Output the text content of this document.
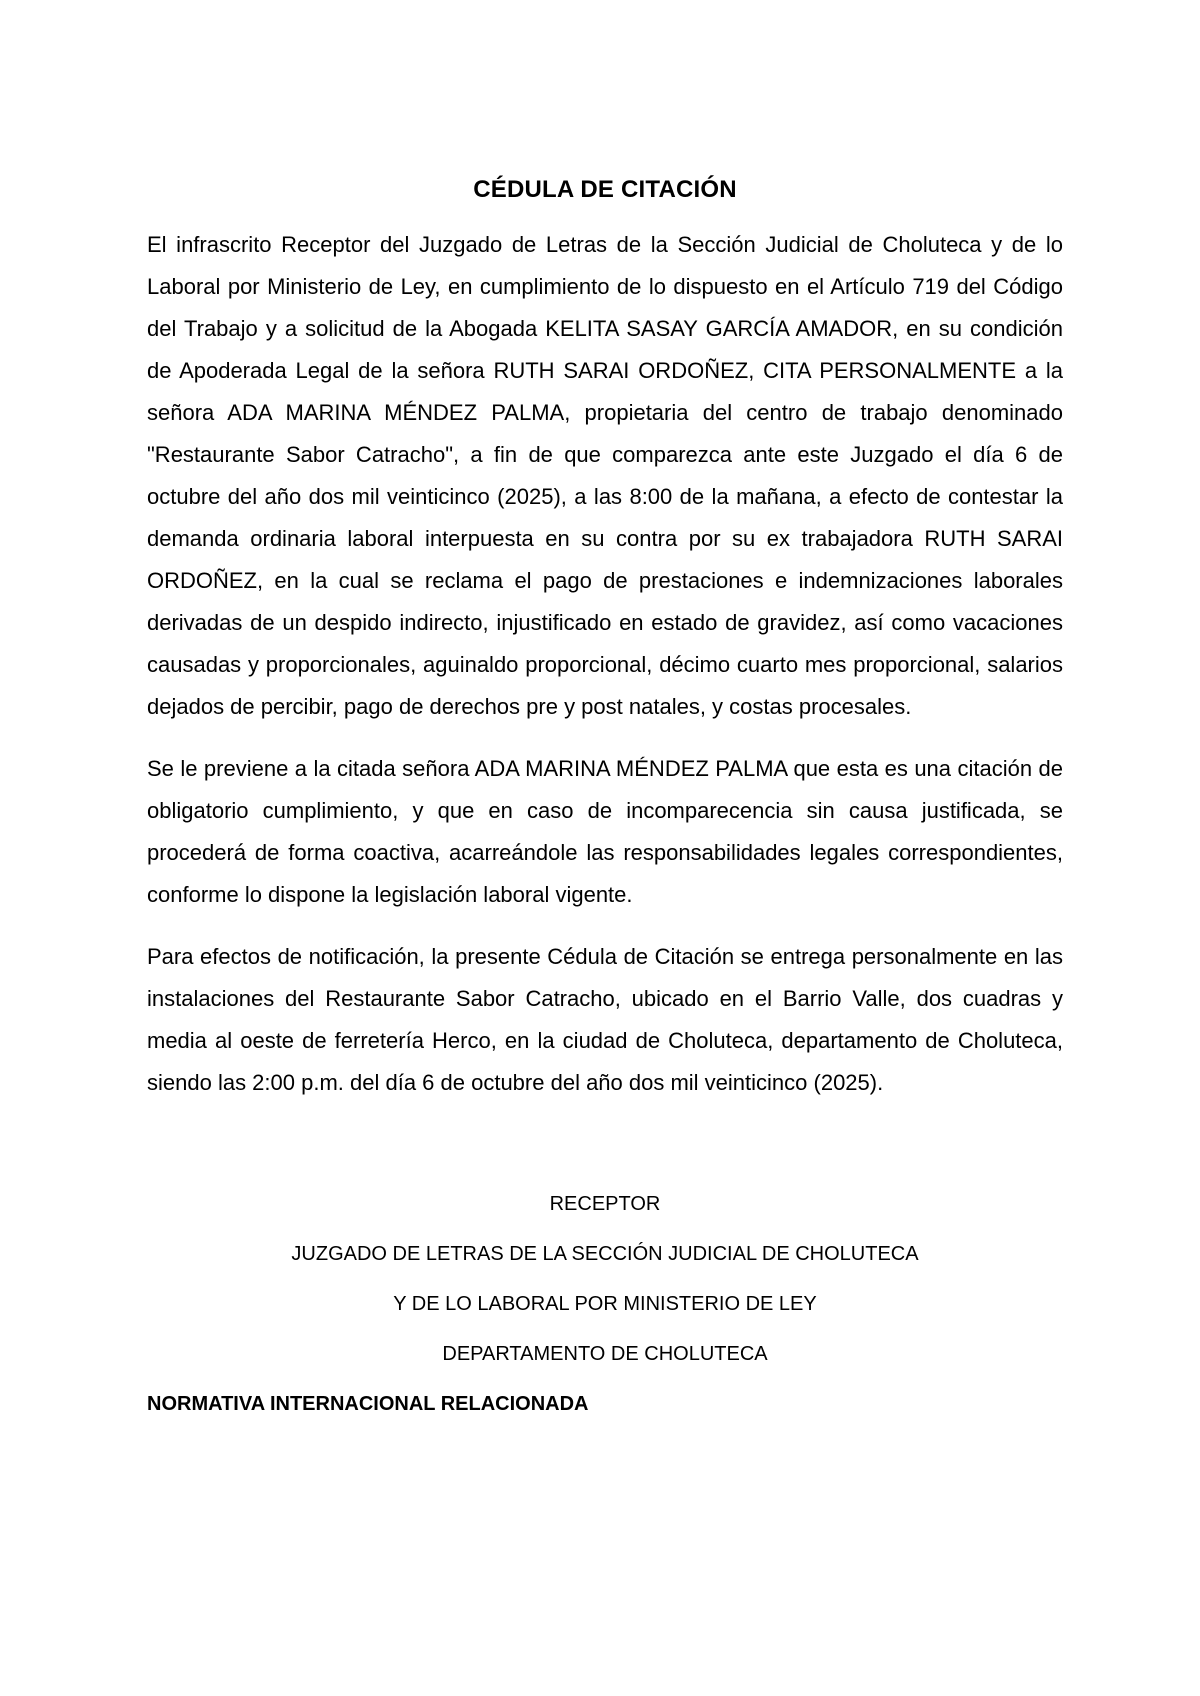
CÉDULA DE CITACIÓN

El infrascrito Receptor del Juzgado de Letras de la Sección Judicial de Choluteca y de lo Laboral por Ministerio de Ley, en cumplimiento de lo dispuesto en el Artículo 719 del Código del Trabajo y a solicitud de la Abogada KELITA SASAY GARCÍA AMADOR, en su condición de Apoderada Legal de la señora RUTH SARAI ORDOÑEZ, CITA PERSONALMENTE a la señora ADA MARINA MÉNDEZ PALMA, propietaria del centro de trabajo denominado "Restaurante Sabor Catracho", a fin de que comparezca ante este Juzgado el día 6 de octubre del año dos mil veinticinco (2025), a las 8:00 de la mañana, a efecto de contestar la demanda ordinaria laboral interpuesta en su contra por su ex trabajadora RUTH SARAI ORDOÑEZ, en la cual se reclama el pago de prestaciones e indemnizaciones laborales derivadas de un despido indirecto, injustificado en estado de gravidez, así como vacaciones causadas y proporcionales, aguinaldo proporcional, décimo cuarto mes proporcional, salarios dejados de percibir, pago de derechos pre y post natales, y costas procesales.

Se le previene a la citada señora ADA MARINA MÉNDEZ PALMA que esta es una citación de obligatorio cumplimiento, y que en caso de incomparecencia sin causa justificada, se procederá de forma coactiva, acarreándole las responsabilidades legales correspondientes, conforme lo dispone la legislación laboral vigente.

Para efectos de notificación, la presente Cédula de Citación se entrega personalmente en las instalaciones del Restaurante Sabor Catracho, ubicado en el Barrio Valle, dos cuadras y media al oeste de ferretería Herco, en la ciudad de Choluteca, departamento de Choluteca, siendo las 2:00 p.m. del día 6 de octubre del año dos mil veinticinco (2025).

RECEPTOR
JUZGADO DE LETRAS DE LA SECCIÓN JUDICIAL DE CHOLUTECA
Y DE LO LABORAL POR MINISTERIO DE LEY
DEPARTAMENTO DE CHOLUTECA
NORMATIVA INTERNACIONAL RELACIONADA
